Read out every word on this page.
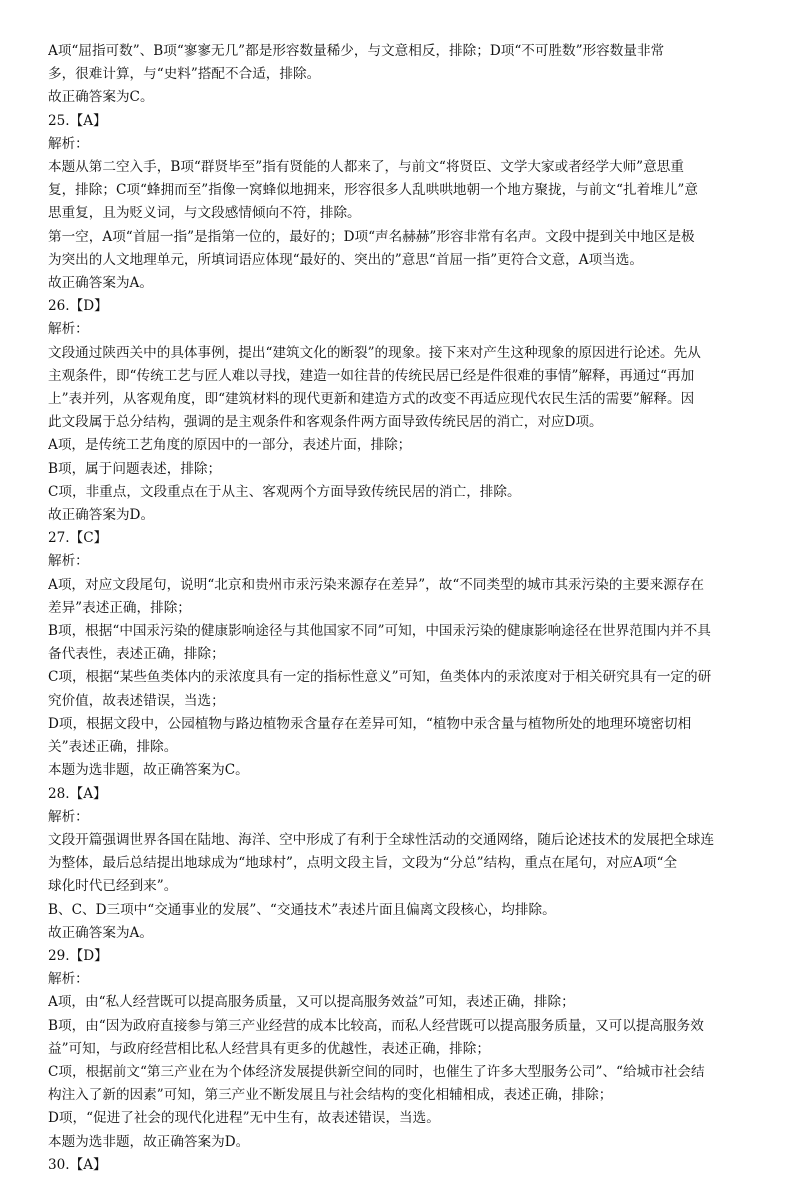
A项“屈指可数”、B项“寥寥无几”都是形容数量稀少，与文意相反，排除；D项“不可胜数”形容数量非常
多，很难计算，与“史料”搭配不合适，排除。
故正确答案为C。
25.【A】
解析：
本题从第二空入手，B项“群贤毕至”指有贤能的人都来了，与前文“将贤臣、文学大家或者经学大师”意思重
复，排除；C项“蜂拥而至”指像一窝蜂似地拥来，形容很多人乱哄哄地朝一个地方聚拢，与前文“扎着堆儿”意
思重复，且为贬义词，与文段感情倾向不符，排除。
第一空，A项“首屈一指”是指第一位的，最好的；D项“声名赫赫”形容非常有名声。文段中提到关中地区是极
为突出的人文地理单元，所填词语应体现“最好的、突出的”意思“首屈一指”更符合文意，A项当选。
故正确答案为A。
26.【D】
解析：
文段通过陕西关中的具体事例，提出“建筑文化的断裂”的现象。接下来对产生这种现象的原因进行论述。先从
主观条件，即“传统工艺与匠人难以寻找，建造一如往昔的传统民居已经是件很难的事情”解释，再通过“再加
上”表并列，从客观角度，即“建筑材料的现代更新和建造方式的改变不再适应现代农民生活的需要”解释。因
此文段属于总分结构，强调的是主观条件和客观条件两方面导致传统民居的消亡，对应D项。
A项，是传统工艺角度的原因中的一部分，表述片面，排除；
B项，属于问题表述，排除；
C项，非重点，文段重点在于从主、客观两个方面导致传统民居的消亡，排除。
故正确答案为D。
27.【C】
解析：
A项，对应文段尾句，说明“北京和贵州市汞污染来源存在差异”，故“不同类型的城市其汞污染的主要来源存在
差异”表述正确，排除；
B项，根据“中国汞污染的健康影响途径与其他国家不同”可知，中国汞污染的健康影响途径在世界范围内并不具
备代表性，表述正确，排除；
C项，根据“某些鱼类体内的汞浓度具有一定的指标性意义”可知，鱼类体内的汞浓度对于相关研究具有一定的研
究价值，故表述错误，当选；
D项，根据文段中，公园植物与路边植物汞含量存在差异可知，“植物中汞含量与植物所处的地理环境密切相
关”表述正确，排除。
本题为选非题，故正确答案为C。
28.【A】
解析：
文段开篇强调世界各国在陆地、海洋、空中形成了有利于全球性活动的交通网络，随后论述技术的发展把全球连
为整体，最后总结提出地球成为“地球村”，点明文段主旨，文段为“分总”结构，重点在尾句，对应A项“全
球化时代已经到来”。
B、C、D三项中“交通事业的发展”、“交通技术”表述片面且偏离文段核心，均排除。
故正确答案为A。
29.【D】
解析：
A项，由“私人经营既可以提高服务质量，又可以提高服务效益”可知，表述正确，排除；
B项，由“因为政府直接参与第三产业经营的成本比较高，而私人经营既可以提高服务质量，又可以提高服务效
益”可知，与政府经营相比私人经营具有更多的优越性，表述正确，排除；
C项，根据前文“第三产业在为个体经济发展提供新空间的同时，也催生了许多大型服务公司”、“给城市社会结
构注入了新的因素”可知，第三产业不断发展且与社会结构的变化相辅相成，表述正确，排除；
D项，“促进了社会的现代化进程”无中生有，故表述错误，当选。
本题为选非题，故正确答案为D。
30.【A】
